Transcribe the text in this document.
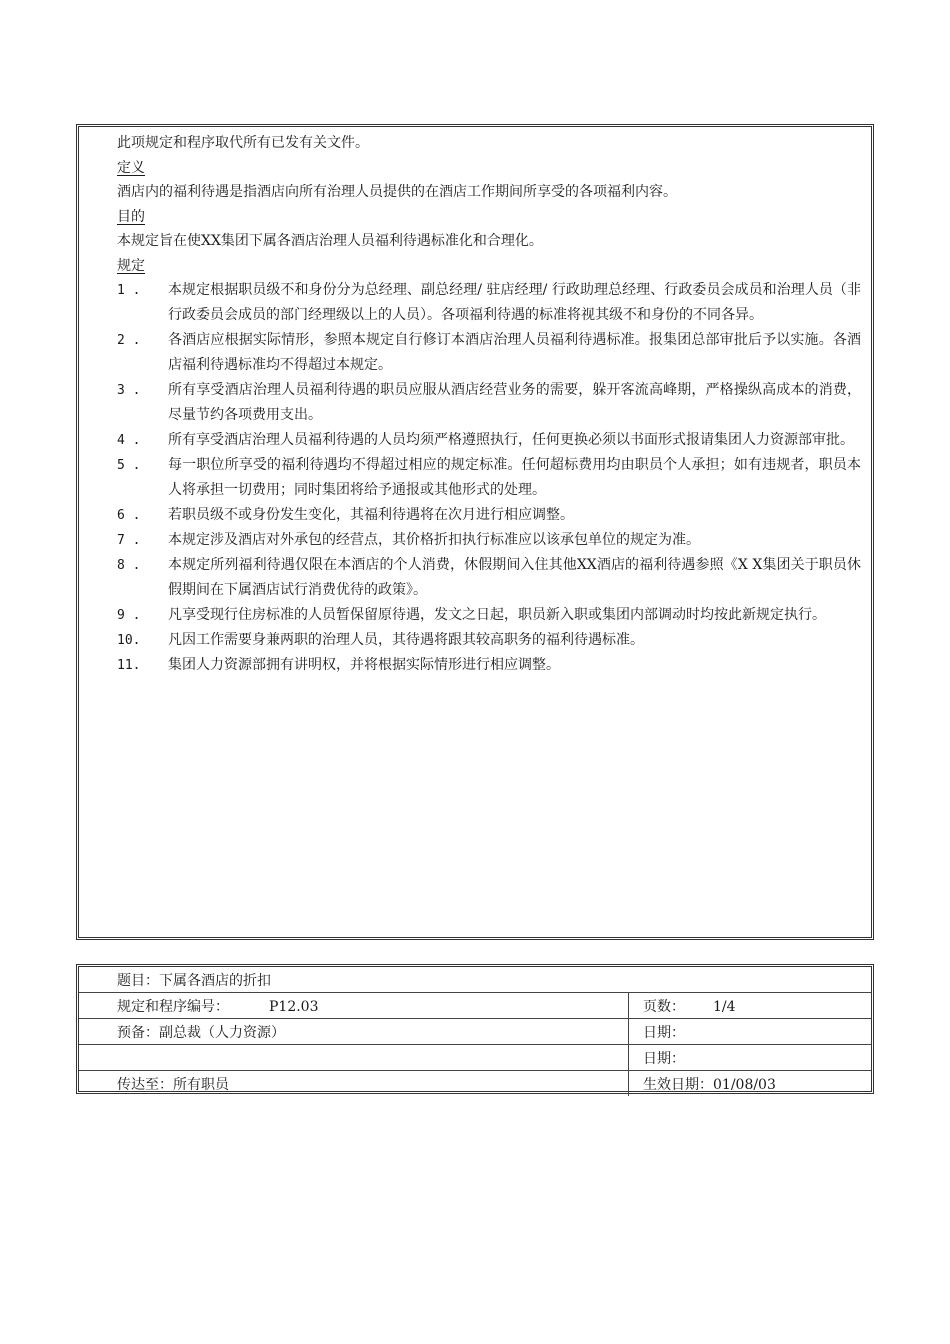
此项规定和程序取代所有已发有关文件。
定义
酒店内的福利待遇是指酒店向所有治理人员提供的在酒店工作期间所享受的各项福利内容。
目的
本规定旨在使XX集团下属各酒店治理人员福利待遇标准化和合理化。
规定
1 . 本规定根据职员级不和身份分为总经理、副总经理/ 驻店经理/ 行政助理总经理、行政委员会成员和治理人员（非行政委员会成员的部门经理级以上的人员）。各项福利待遇的标准将视其级不和身份的不同各异。
2 . 各酒店应根据实际情形，参照本规定自行修订本酒店治理人员福利待遇标准。报集团总部审批后予以实施。各酒店福利待遇标准均不得超过本规定。
3 . 所有享受酒店治理人员福利待遇的职员应服从酒店经营业务的需要，躲开客流高峰期，严格操纵高成本的消费，尽量节约各项费用支出。
4 . 所有享受酒店治理人员福利待遇的人员均须严格遵照执行，任何更换必须以书面形式报请集团人力资源部审批。
5 . 每一职位所享受的福利待遇均不得超过相应的规定标准。任何超标费用均由职员个人承担；如有违规者，职员本人将承担一切费用；同时集团将给予通报或其他形式的处理。
6 . 若职员级不或身份发生变化，其福利待遇将在次月进行相应调整。
7 . 本规定涉及酒店对外承包的经营点，其价格折扣执行标准应以该承包单位的规定为准。
8 . 本规定所列福利待遇仅限在本酒店的个人消费，休假期间入住其他XX酒店的福利待遇参照《X X集团关于职员休假期间在下属酒店试行消费优待的政策》。
9 . 凡享受现行住房标准的人员暂保留原待遇，发文之日起，职员新入职或集团内部调动时均按此新规定执行。
10. 凡因工作需要身兼两职的治理人员，其待遇将跟其较高职务的福利待遇标准。
11. 集团人力资源部拥有讲明权，并将根据实际情形进行相应调整。
题目：下属各酒店的折扣	
规定和程序编号： P12.03	页数： 1/4
预备：副总裁（人力资源）	日期：
	日期：
传达至：所有职员	生效日期：01/08/03
